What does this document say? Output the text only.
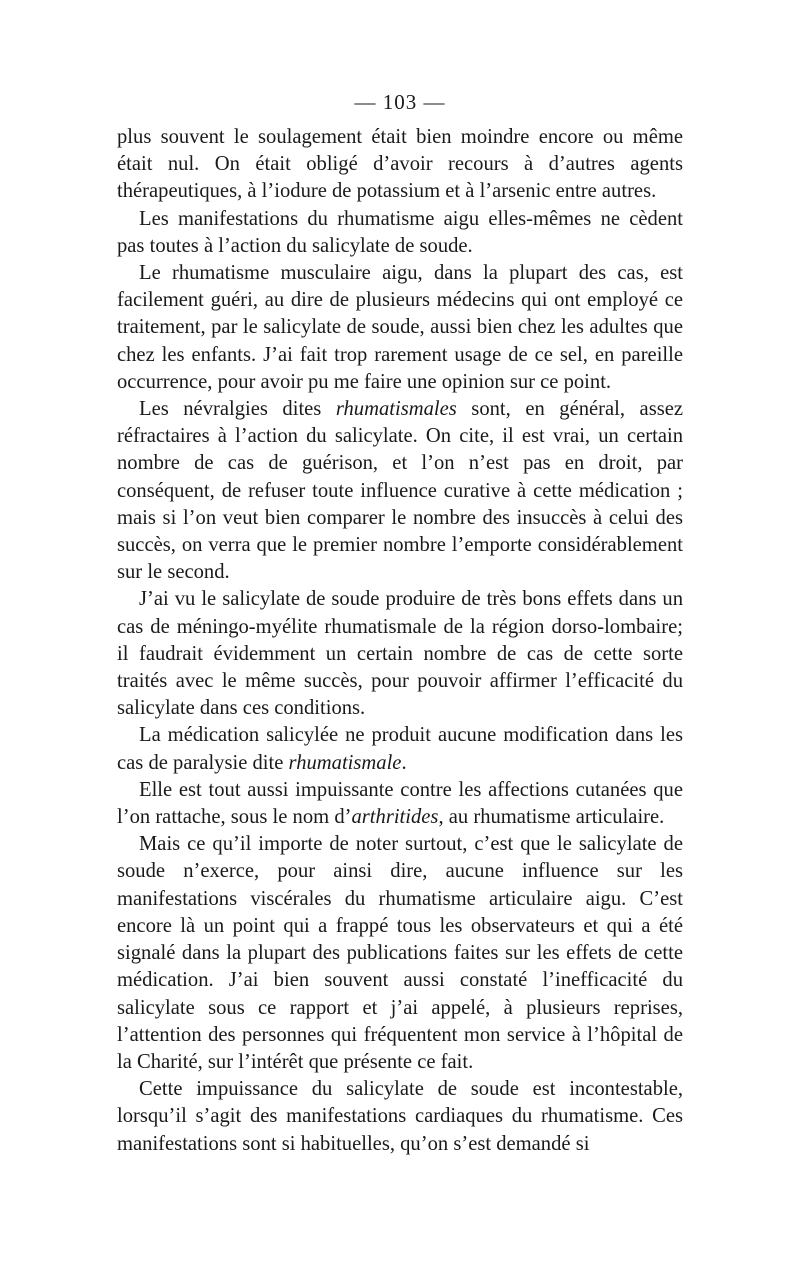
— 103 —

plus souvent le soulagement était bien moindre encore ou même était nul. On était obligé d’avoir recours à d’autres agents thérapeutiques, à l’iodure de potassium et à l’arsenic entre autres.

Les manifestations du rhumatisme aigu elles-mêmes ne cèdent pas toutes à l’action du salicylate de soude.

Le rhumatisme musculaire aigu, dans la plupart des cas, est facilement guéri, au dire de plusieurs médecins qui ont employé ce traitement, par le salicylate de soude, aussi bien chez les adultes que chez les enfants. J’ai fait trop rarement usage de ce sel, en pareille occurrence, pour avoir pu me faire une opinion sur ce point.

Les névralgies dites rhumatismales sont, en général, assez réfractaires à l’action du salicylate. On cite, il est vrai, un certain nombre de cas de guérison, et l’on n’est pas en droit, par conséquent, de refuser toute influence curative à cette médication ; mais si l’on veut bien comparer le nombre des insuccès à celui des succès, on verra que le premier nombre l’emporte considérablement sur le second.

J’ai vu le salicylate de soude produire de très bons effets dans un cas de méningo-myélite rhumatismale de la région dorso-lombaire; il faudrait évidemment un certain nombre de cas de cette sorte traités avec le même succès, pour pouvoir affirmer l’efficacité du salicylate dans ces conditions.

La médication salicylée ne produit aucune modification dans les cas de paralysie dite rhumatismale.

Elle est tout aussi impuissante contre les affections cutanées que l’on rattache, sous le nom d’arthritides, au rhumatisme articulaire.

Mais ce qu’il importe de noter surtout, c’est que le salicylate de soude n’exerce, pour ainsi dire, aucune influence sur les manifestations viscérales du rhumatisme articulaire aigu. C’est encore là un point qui a frappé tous les observateurs et qui a été signalé dans la plupart des publications faites sur les effets de cette médication. J’ai bien souvent aussi constaté l’inefficacité du salicylate sous ce rapport et j’ai appelé, à plusieurs reprises, l’attention des personnes qui fréquentent mon service à l’hôpital de la Charité, sur l’intérêt que présente ce fait.

Cette impuissance du salicylate de soude est incontestable, lorsqu’il s’agit des manifestations cardiaques du rhumatisme. Ces manifestations sont si habituelles, qu’on s’est demandé si
